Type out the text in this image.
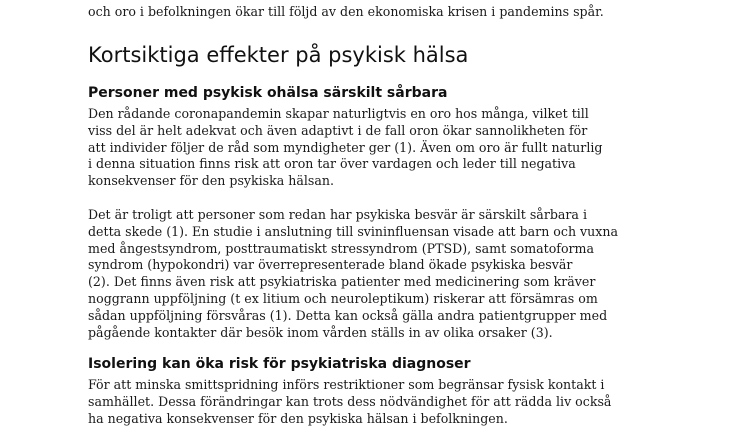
och oro i befolkningen ökar till följd av den ekonomiska krisen i pandemins spår.
Kortsiktiga effekter på psykisk hälsa
Personer med psykisk ohälsa särskilt sårbara
Den rådande coronapandemin skapar naturligtvis en oro hos många, vilket till
viss del är helt adekvat och även adaptivt i de fall oron ökar sannolikheten för
att individer följer de råd som myndigheter ger (1). Även om oro är fullt naturlig
i denna situation finns risk att oron tar över vardagen och leder till negativa
konsekvenser för den psykiska hälsan.
Det är troligt att personer som redan har psykiska besvär är särskilt sårbara i
detta skede (1). En studie i anslutning till svininfluensan visade att barn och vuxna
med ångestsyndrom, posttraumatiskt stressyndrom (PTSD), samt somatoforma
syndrom (hypokondri) var överrepresenterade bland ökade psykiska besvär
(2). Det finns även risk att psykiatriska patienter med medicinering som kräver
noggrann uppföljning (t ex litium och neuroleptikum) riskerar att försämras om
sådan uppföljning försvåras (1). Detta kan också gälla andra patientgrupper med
pågående kontakter där besök inom vården ställs in av olika orsaker (3).
Isolering kan öka risk för psykiatriska diagnoser
För att minska smittspridning införs restriktioner som begränsar fysisk kontakt i
samhället. Dessa förändringar kan trots dess nödvändighet för att rädda liv också
ha negativa konsekvenser för den psykiska hälsan i befolkningen.
